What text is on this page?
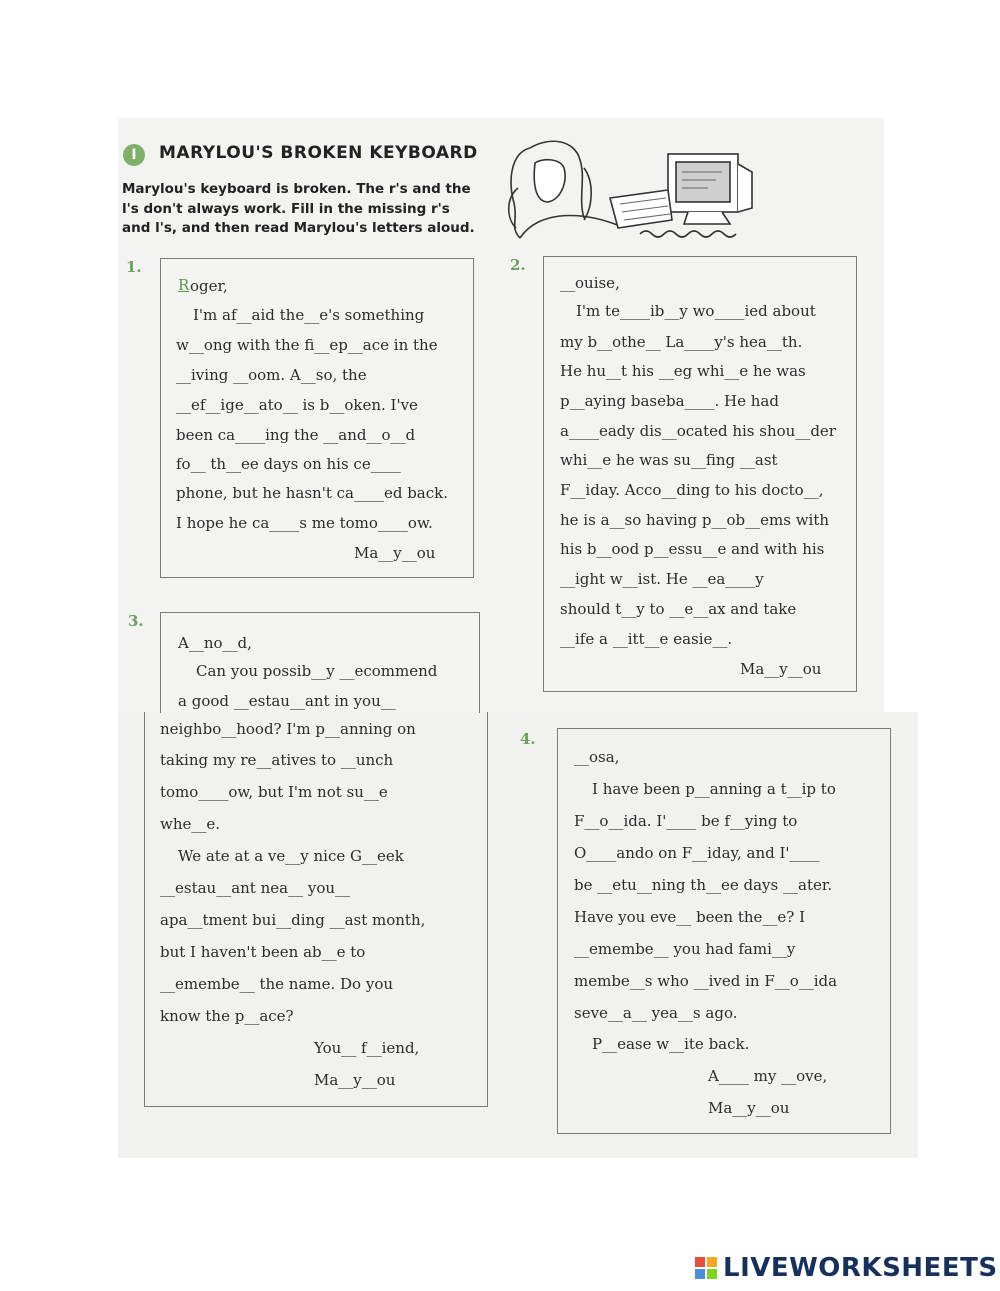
I	MARYLOU'S BROKEN KEYBOARD
Marylou's keyboard is broken. The r's and the l's don't always work. Fill in the missing r's and l's, and then read Marylou's letters aloud.
1.
R oger,
I'm af__aid the__e's something
w__ong with the fi__ep__ace in the
__iving __oom. A__so, the
__ef__ige__ato__ is b__oken. I've
been ca____ing the __and__o__d
fo__ th__ee days on his ce____
phone, but he hasn't ca____ed back.
I hope he ca____s me tomo____ow.
Ma__y__ou
2.
__ouise,
I'm te____ib__y wo____ied about
my b__othe__ La____y's hea__th.
He hu__t his __eg whi__e he was
p__aying baseba____. He had
a____eady dis__ocated his shou__der
whi__e he was su__fing __ast
F__iday. Acco__ding to his docto__,
he is a__so having p__ob__ems with
his b__ood p__essu__e and with his
__ight w__ist. He __ea____y
should t__y to __e__ax and take
__ife a __itt__e easie__.
Ma__y__ou
3.
A__no__d,
Can you possib__y __ecommend
a good __estau__ant in you__
neighbo__hood? I'm p__anning on
taking my re__atives to __unch
tomo____ow, but I'm not su__e
whe__e.
We ate at a ve__y nice G__eek
__estau__ant nea__ you__
apa__tment bui__ding __ast month,
but I haven't been ab__e to
__emembe__ the name. Do you
know the p__ace?
You__ f__iend,
Ma__y__ou
4.
__osa,
I have been p__anning a t__ip to
F__o__ida. I'____ be f__ying to
O____ando on F__iday, and I'____
be __etu__ning th__ee days __ater.
Have you eve__ been the__e? I
__emembe__ you had fami__y
membe__s who __ived in F__o__ida
seve__a__ yea__s ago.
P__ease w__ite back.
A____ my __ove,
Ma__y__ou
LIVEWORKSHEETS
